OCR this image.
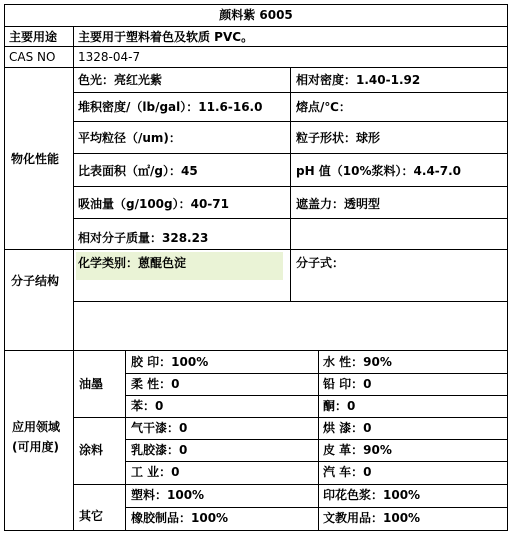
颜料紫 6005
主要用途 主要用于塑料着色及软质 PVC。
CAS NO 1328-04-7
物化性能
色光：亮红光紫	相对密度：1.40-1.92
堆积密度/（lb/gal）：11.6-16.0	熔点/℃：
平均粒径（/um)：	粒子形状：球形
比表面积（㎡/g）：45	pH 值（10%浆料）：4.4-7.0
吸油量（g/100g）：40-71	遮盖力：透明型
相对分子质量：328.23
分子结构
化学类别：蒽醌色淀	分子式：
应用领域
(可用度)
油墨
胶 印：100%	水 性：90%
柔 性：0	铅 印：0
苯：0	酮：0
涂料
气干漆：0	烘 漆：0
乳胶漆：0	皮 革：90%
工 业：0	汽 车：0
其它
塑料：100%	印花色浆：100%
橡胶制品：100%	文教用品：100%
